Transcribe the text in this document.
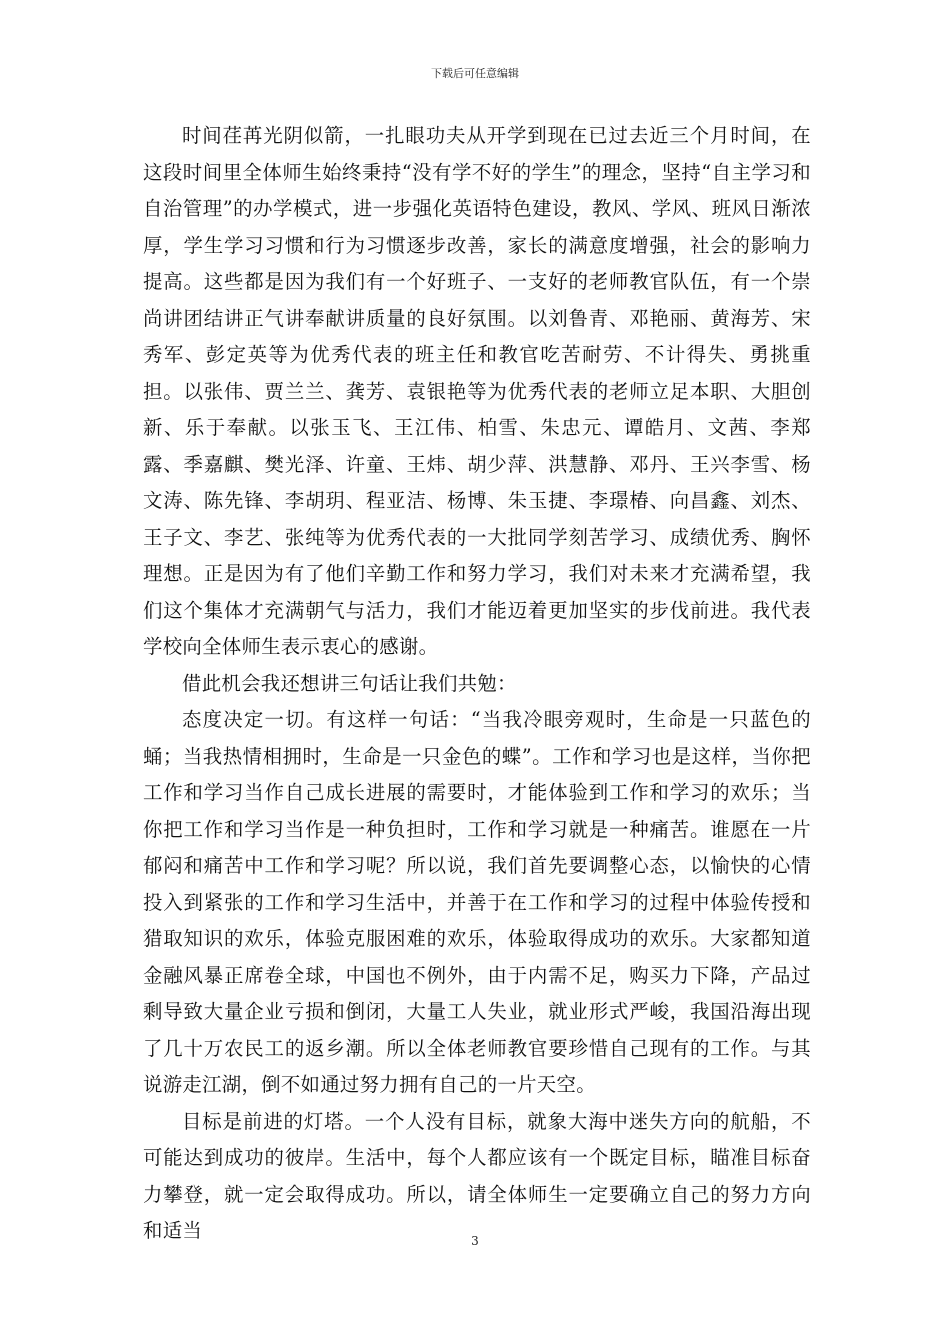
下载后可任意编辑

时间荏苒光阴似箭，一扎眼功夫从开学到现在已过去近三个月时间，在这段时间里全体师生始终秉持“没有学不好的学生”的理念，坚持“自主学习和自治管理”的办学模式，进一步强化英语特色建设，教风、学风、班风日渐浓厚，学生学习习惯和行为习惯逐步改善，家长的满意度增强，社会的影响力提高。这些都是因为我们有一个好班子、一支好的老师教官队伍，有一个崇尚讲团结讲正气讲奉献讲质量的良好氛围。以刘鲁青、邓艳丽、黄海芳、宋秀军、彭定英等为优秀代表的班主任和教官吃苦耐劳、不计得失、勇挑重担。以张伟、贾兰兰、龚芳、袁银艳等为优秀代表的老师立足本职、大胆创新、乐于奉献。以张玉飞、王江伟、柏雪、朱忠元、谭皓月、文茜、李郑露、季嘉麒、樊光泽、许童、王炜、胡少萍、洪慧静、邓丹、王兴李雪、杨文涛、陈先锋、李胡玥、程亚洁、杨博、朱玉捷、李璟椿、向昌鑫、刘杰、王子文、李艺、张纯等为优秀代表的一大批同学刻苦学习、成绩优秀、胸怀理想。正是因为有了他们辛勤工作和努力学习，我们对未来才充满希望，我们这个集体才充满朝气与活力，我们才能迈着更加坚实的步伐前进。我代表学校向全体师生表示衷心的感谢。

借此机会我还想讲三句话让我们共勉：

态度决定一切。有这样一句话：“当我冷眼旁观时，生命是一只蓝色的蛹；当我热情相拥时，生命是一只金色的蝶”。工作和学习也是这样，当你把工作和学习当作自己成长进展的需要时，才能体验到工作和学习的欢乐；当你把工作和学习当作是一种负担时，工作和学习就是一种痛苦。谁愿在一片郁闷和痛苦中工作和学习呢？所以说，我们首先要调整心态，以愉快的心情投入到紧张的工作和学习生活中，并善于在工作和学习的过程中体验传授和猎取知识的欢乐，体验克服困难的欢乐，体验取得成功的欢乐。大家都知道金融风暴正席卷全球，中国也不例外，由于内需不足，购买力下降，产品过剩导致大量企业亏损和倒闭，大量工人失业，就业形式严峻，我国沿海出现了几十万农民工的返乡潮。所以全体老师教官要珍惜自己现有的工作。与其说游走江湖，倒不如通过努力拥有自己的一片天空。

目标是前进的灯塔。一个人没有目标，就象大海中迷失方向的航船，不可能达到成功的彼岸。生活中，每个人都应该有一个既定目标，瞄准目标奋力攀登，就一定会取得成功。所以，请全体师生一定要确立自己的努力方向和适当	3
